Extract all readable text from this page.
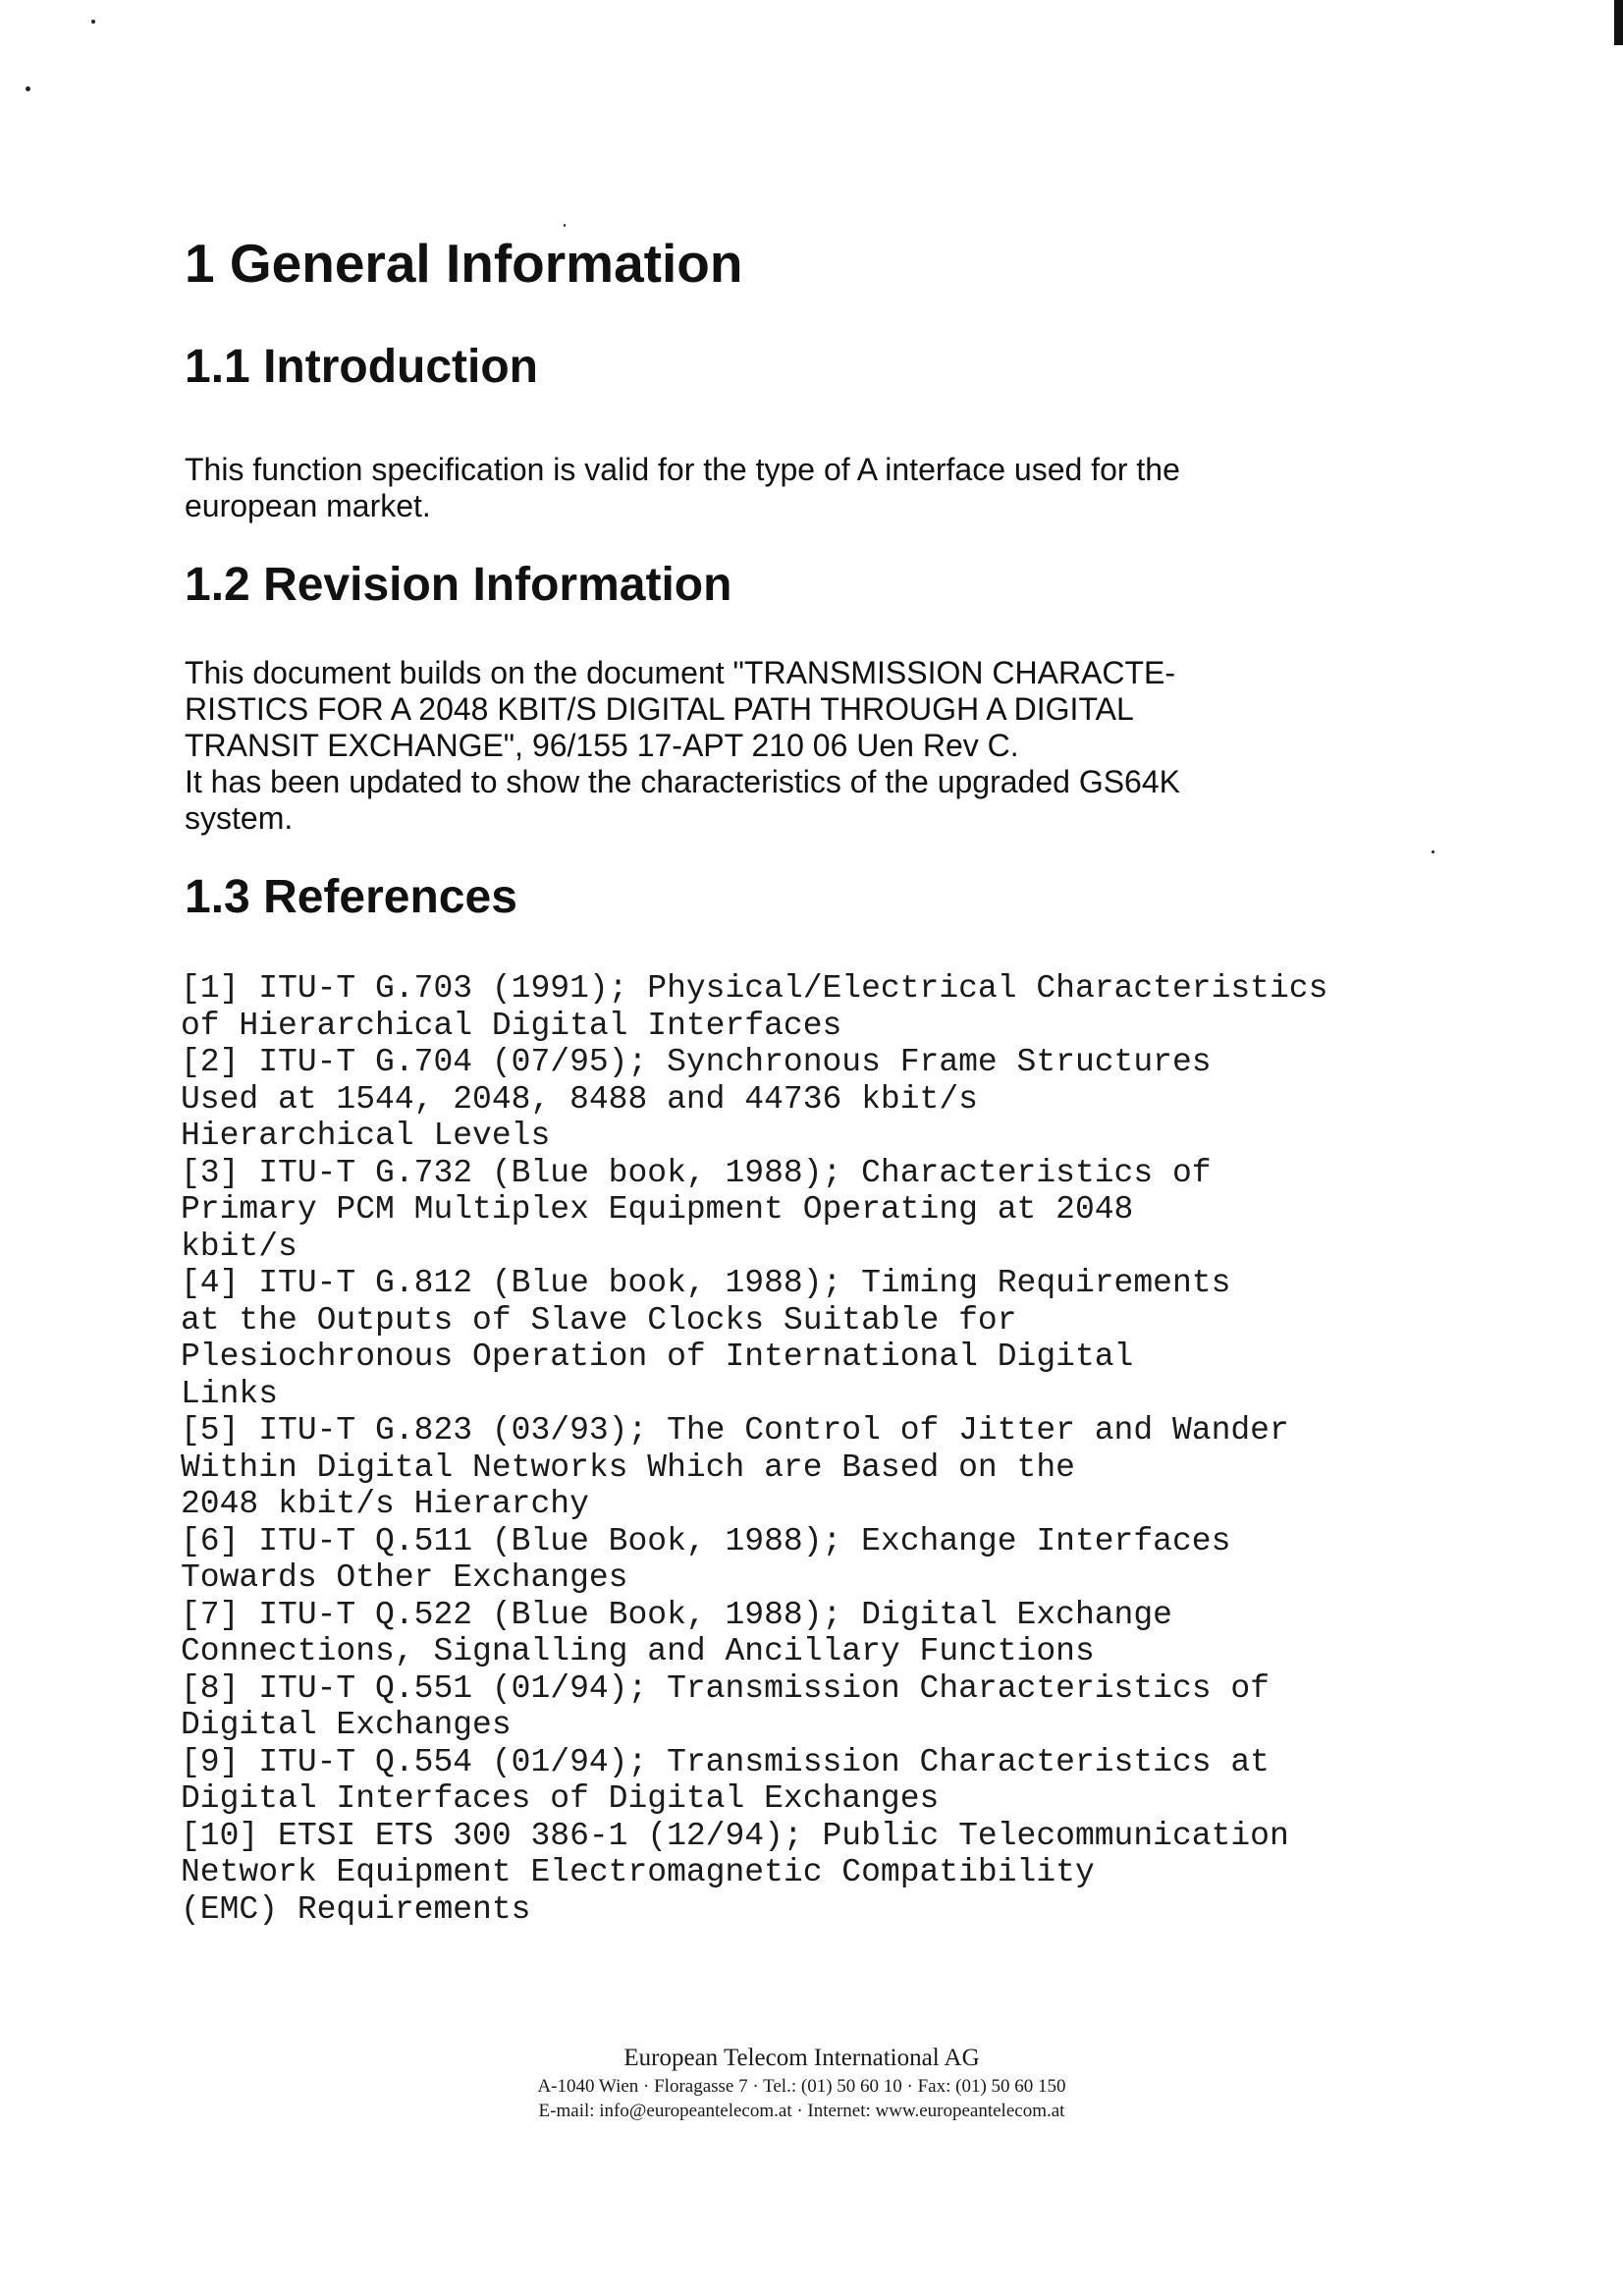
1 General Information
1.1 Introduction

This function specification is valid for the type of A interface used for the
european market.

1.2 Revision Information

This document builds on the document "TRANSMISSION CHARACTE-
RISTICS FOR A 2048 KBIT/S DIGITAL PATH THROUGH A DIGITAL
TRANSIT EXCHANGE", 96/155 17-APT 210 06 Uen Rev C.
It has been updated to show the characteristics of the upgraded GS64K
system.

1.3 References
[1] ITU-T G.703 (1991); Physical/Electrical Characteristics
of Hierarchical Digital Interfaces
[2] ITU-T G.704 (07/95); Synchronous Frame Structures
Used at 1544, 2048, 8488 and 44736 kbit/s
Hierarchical Levels
[3] ITU-T G.732 (Blue book, 1988); Characteristics of
Primary PCM Multiplex Equipment Operating at 2048
kbit/s
[4] ITU-T G.812 (Blue book, 1988); Timing Requirements
at the Outputs of Slave Clocks Suitable for
Plesiochronous Operation of International Digital
Links
[5] ITU-T G.823 (03/93); The Control of Jitter and Wander
Within Digital Networks Which are Based on the
2048 kbit/s Hierarchy
[6] ITU-T Q.511 (Blue Book, 1988); Exchange Interfaces
Towards Other Exchanges
[7] ITU-T Q.522 (Blue Book, 1988); Digital Exchange
Connections, Signalling and Ancillary Functions
[8] ITU-T Q.551 (01/94); Transmission Characteristics of
Digital Exchanges
[9] ITU-T Q.554 (01/94); Transmission Characteristics at
Digital Interfaces of Digital Exchanges
[10] ETSI ETS 300 386-1 (12/94); Public Telecommunication
Network Equipment Electromagnetic Compatibility
(EMC) Requirements
European Telecom International AG
A-1040 Wien · Floragasse 7 · Tel.: (01) 50 60 10 · Fax: (01) 50 60 150
E-mail: info@europeantelecom.at · Internet: www.europeantelecom.at
